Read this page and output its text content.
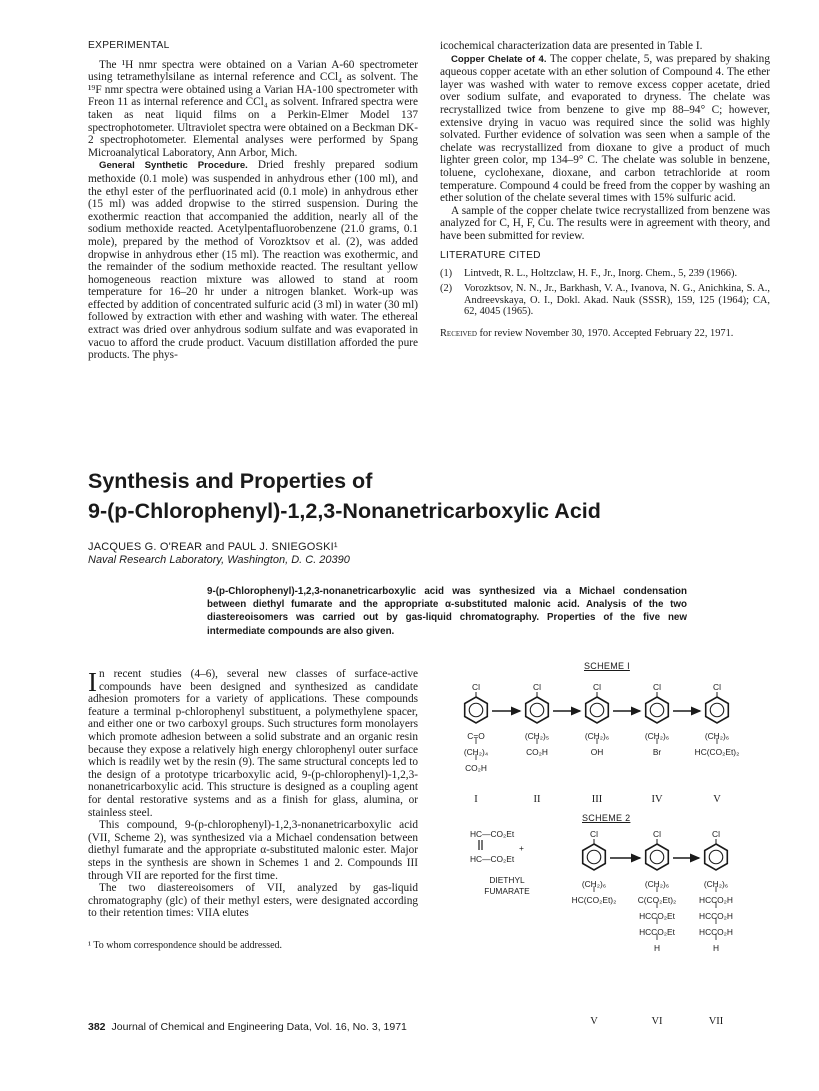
EXPERIMENTAL

The ¹H nmr spectra were obtained on a Varian A-60 spectrometer using tetramethylsilane as internal reference and CCl₄ as solvent. The ¹⁹F nmr spectra were obtained using a Varian HA-100 spectrometer with Freon 11 as internal reference and CCl₄ as solvent. Infrared spectra were taken as neat liquid films on a Perkin-Elmer Model 137 spectrophotometer. Ultraviolet spectra were obtained on a Beckman DK-2 spectrophotometer. Elemental analyses were performed by Spang Microanalytical Laboratory, Ann Arbor, Mich.

General Synthetic Procedure. Dried freshly prepared sodium methoxide (0.1 mole) was suspended in anhydrous ether (100 ml), and the ethyl ester of the perfluorinated acid (0.1 mole) in anhydrous ether (15 ml) was added dropwise to the stirred suspension. During the exothermic reaction that accompanied the addition, nearly all of the sodium methoxide reacted. Acetylpentafluorobenzene (21.0 grams, 0.1 mole), prepared by the method of Vorozktsov et al. (2), was added dropwise in anhydrous ether (15 ml). The reaction was exothermic, and the remainder of the sodium methoxide reacted. The resultant yellow homogeneous reaction mixture was allowed to stand at room temperature for 16–20 hr under a nitrogen blanket. Work-up was effected by addition of concentrated sulfuric acid (3 ml) in water (30 ml) followed by extraction with ether and washing with water. The ethereal extract was dried over anhydrous sodium sulfate and was evaporated in vacuo to afford the crude product. Vacuum distillation afforded the pure products. The phys-

icochemical characterization data are presented in Table I.

Copper Chelate of 4. The copper chelate, 5, was prepared by shaking aqueous copper acetate with an ether solution of Compound 4. The ether layer was washed with water to remove excess copper acetate, dried over sodium sulfate, and evaporated to dryness. The chelate was recrystallized twice from benzene to give mp 88–94° C; however, extensive drying in vacuo was required since the solid was highly solvated. Further evidence of solvation was seen when a sample of the chelate was recrystallized from dioxane to give a product of much lighter green color, mp 134–9° C. The chelate was soluble in benzene, toluene, cyclohexane, dioxane, and carbon tetrachloride at room temperature. Compound 4 could be freed from the copper by washing an ether solution of the chelate several times with 15% sulfuric acid.

A sample of the copper chelate twice recrystallized from benzene was analyzed for C, H, F, Cu. The results were in agreement with theory, and have been submitted for review.

LITERATURE CITED
(1)	Lintvedt, R. L., Holtzclaw, H. F., Jr., Inorg. Chem., 5, 239 (1966).
(2)	Vorozktsov, N. N., Jr., Barkhash, V. A., Ivanova, N. G., Anichkina, S. A., Andreevskaya, O. I., Dokl. Akad. Nauk (SSSR), 159, 125 (1964); CA, 62, 4045 (1965).
Received for review November 30, 1970. Accepted February 22, 1971.
Synthesis and Properties of
9-(p-Chlorophenyl)-1,2,3-Nonanetricarboxylic Acid
JACQUES G. O'REAR and PAUL J. SNIEGOSKI¹
Naval Research Laboratory, Washington, D. C. 20390
9-(p-Chlorophenyl)-1,2,3-nonanetricarboxylic acid was synthesized via a Michael condensation between diethyl fumarate and the appropriate α-substituted malonic acid. Analysis of the two diastereoisomers was carried out by gas-liquid chromatography. Properties of the five new intermediate compounds are also given.

In recent studies (4–6), several new classes of surface-active compounds have been designed and synthesized as candidate adhesion promoters for a variety of applications. These compounds feature a terminal p-chlorophenyl substituent, a polymethylene spacer, and either one or two carboxyl groups. Such structures form monolayers which promote adhesion between a solid substrate and an organic resin because they expose a relatively high energy chlorophenyl outer surface which is readily wet by the resin (9). The same structural concepts led to the design of a prototype tricarboxylic acid, 9-(p-chlorophenyl)-1,2,3-nonanetricarboxylic acid. This structure is designed as a coupling agent for dental restorative systems and as a finish for glass, alumina, or stainless steel.

This compound, 9-(p-chlorophenyl)-1,2,3-nonanetricarboxylic acid (VII, Scheme 2), was synthesized via a Michael condensation between diethyl fumarate and the appropriate α-substituted malonic ester. Major steps in the synthesis are shown in Schemes 1 and 2. Compounds III through VII are reported for the first time.

The two diastereoisomers of VII, analyzed by gas-liquid chromatography (glc) of their methyl esters, were designated according to their retention times: VIIA elutes

¹ To whom correspondence should be addressed.
SCHEME I
SCHEME 2
Cl
C=O
(CH₂)₄
CO₂H
I
Cl
(CH₂)₅
CO₂H
II
Cl
(CH₂)₆
OH
III
Cl
(CH₂)₆
Br
IV
Cl
(CH₂)₆
HC(CO₂Et)₂
V
HC—CO₂Et
+
HC—CO₂Et
DIETHYL
FUMARATE
Cl
(CH₂)₆
HC(CO₂Et)₂
V
Cl
(CH₂)₆
C(CO₂Et)₂
HCCO₂Et
HCCO₂Et
H
VI
Cl
(CH₂)₆
HCCO₂H
HCCO₂H
HCCO₂H
H
VII
382 Journal of Chemical and Engineering Data, Vol. 16, No. 3, 1971
